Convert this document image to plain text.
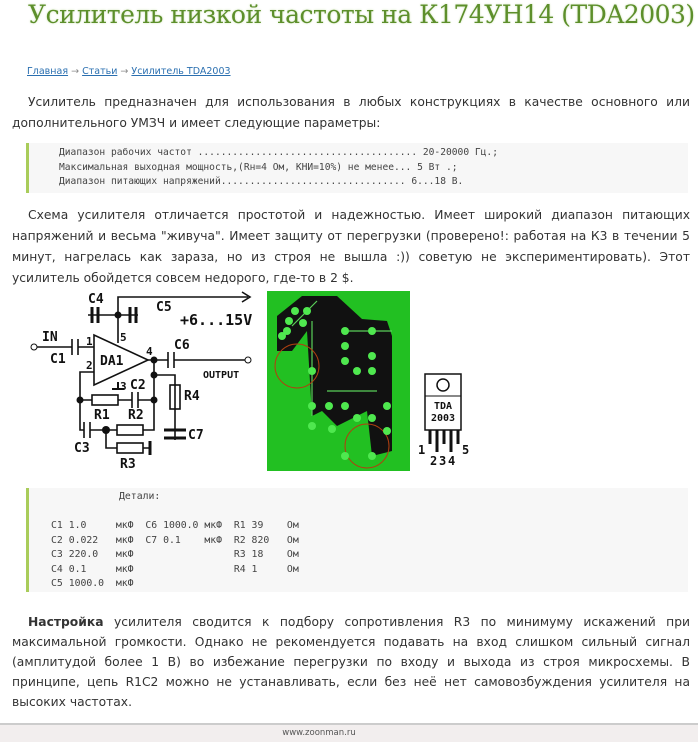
Усилитель низкой частоты на К174УН14 (TDA2003)
Главная → Статьи → Усилитель TDA2003

Усилитель предназначен для использования в любых конструкциях в качестве основного или дополнительного УМЗЧ и имеет следующие параметры:

Диапазон рабочих частот ...................................... 20-20000 Гц.;
Максимальная выходная мощность,(Rн=4 Ом, КНИ=10%) не менее... 5 Вт .;
Диапазон питающих напряжений................................ 6...18 В.

Схема усилителя отличается простотой и надежностью. Имеет широкий диапазон питающих напряжений и весьма "живуча". Имеет защиту от перегрузки (проверено!: работая на К3 в течении 5 минут, нагрелась как зараза, но из строя не вышла :)) советую не экспериментировать). Этот усилитель обойдется совсем недорого, где-то в 2 $.

C4
C5
+6...15V
IN
C1
1
2
3
4
5
DA1
C6
OUTPUT
C2
R4
R1 R2
C3
C7
R3
TDA
2003
1
2 3 4
5
Детали:

C1 1.0     мкФ  C6 1000.0 мкФ  R1 39    Ом
C2 0.022   мкФ  C7 0.1    мкФ  R2 820   Ом
C3 220.0   мкФ                 R3 18    Ом
C4 0.1     мкФ                 R4 1     Ом
C5 1000.0  мкФ

Настройка усилителя сводится к подбору сопротивления R3 по минимуму искажений при максимальной громкости. Однако не рекомендуется подавать на вход слишком сильный сигнал (амплитудой более 1 В) во избежание перегрузки по входу и выхода из строя микросхемы. В принципе, цепь R1C2 можно не устанавливать, если без неё нет самовозбуждения усилителя на высоких частотах.

www.zoonman.ru
